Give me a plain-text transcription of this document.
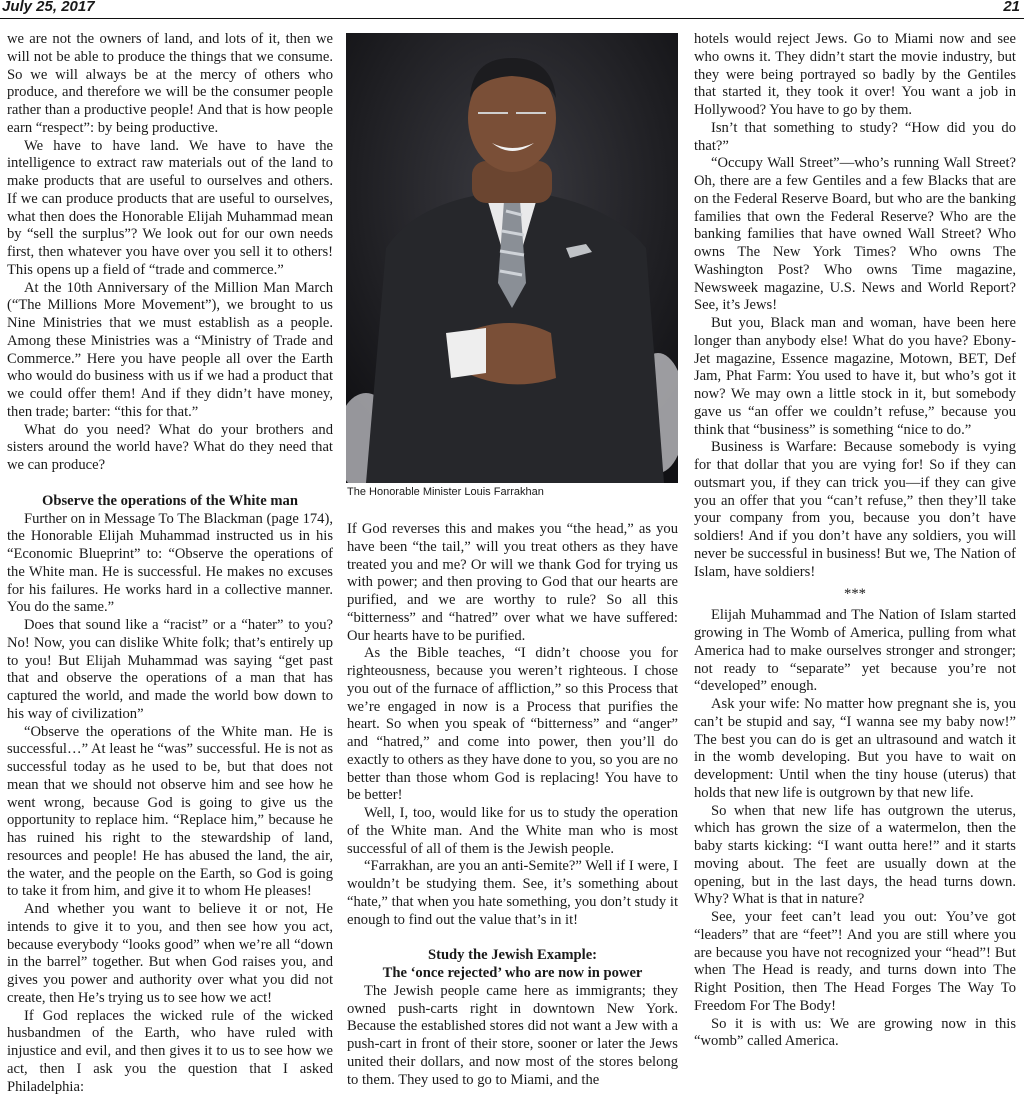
July 25, 2017	21

we are not the owners of land, and lots of it, then we will not be able to produce the things that we consume. So we will always be at the mercy of others who produce, and therefore we will be the consumer people rather than a productive people! And that is how people earn “respect”: by being productive.

We have to have land. We have to have the intelligence to extract raw materials out of the land to make products that are useful to ourselves and others. If we can produce products that are useful to ourselves, what then does the Honorable Elijah Muhammad mean by “sell the surplus”? We look out for our own needs first, then whatever you have over you sell it to others! This opens up a field of “trade and commerce.”

At the 10th Anniversary of the Million Man March (“The Millions More Movement”), we brought to us Nine Ministries that we must establish as a people. Among these Ministries was a “Ministry of Trade and Commerce.” Here you have people all over the Earth who would do business with us if we had a product that we could offer them! And if they didn’t have money, then trade; barter: “this for that.”

What do you need? What do your brothers and sisters around the world have? What do they need that we can produce?

Observe the operations of the White man

Further on in Message To The Blackman (page 174), the Honorable Elijah Muhammad instructed us in his “Economic Blueprint” to: “Observe the operations of the White man. He is successful. He makes no excuses for his failures. He works hard in a collective manner. You do the same.”

Does that sound like a “racist” or a “hater” to you? No! Now, you can dislike White folk; that’s entirely up to you! But Elijah Muhammad was saying “get past that and observe the operations of a man that has captured the world, and made the world bow down to his way of civilization”

“Observe the operations of the White man. He is successful…” At least he “was” successful. He is not as successful today as he used to be, but that does not mean that we should not observe him and see how he went wrong, because God is going to give us the opportunity to replace him. “Replace him,” because he has ruined his right to the stewardship of land, resources and people! He has abused the land, the air, the water, and the people on the Earth, so God is going to take it from him, and give it to whom He pleases!

And whether you want to believe it or not, He intends to give it to you, and then see how you act, because everybody “looks good” when we’re all “down in the barrel” together. But when God raises you, and gives you power and authority over what you did not create, then He’s trying us to see how we act!

If God replaces the wicked rule of the wicked husbandmen of the Earth, who have ruled with injustice and evil, and then gives it to us to see how we act, then I ask you the question that I asked Philadelphia:

The Honorable Minister Louis Farrakhan

If God reverses this and makes you “the head,” as you have been “the tail,” will you treat others as they have treated you and me? Or will we thank God for trying us with power; and then proving to God that our hearts are purified, and we are worthy to rule? So all this “bitterness” and “hatred” over what we have suffered: Our hearts have to be purified.

As the Bible teaches, “I didn’t choose you for righteousness, because you weren’t righteous. I chose you out of the furnace of affliction,” so this Process that we’re engaged in now is a Process that purifies the heart. So when you speak of “bitterness” and “anger” and “hatred,” and come into power, then you’ll do exactly to others as they have done to you, so you are no better than those whom God is replacing! You have to be better!

Well, I, too, would like for us to study the operation of the White man. And the White man who is most successful of all of them is the Jewish people.

“Farrakhan, are you an anti-Semite?” Well if I were, I wouldn’t be studying them. See, it’s something about “hate,” that when you hate something, you don’t study it enough to find out the value that’s in it!

Study the Jewish Example:
The ‘once rejected’ who are now in power

The Jewish people came here as immigrants; they owned push-carts right in downtown New York. Because the established stores did not want a Jew with a push-cart in front of their store, sooner or later the Jews united their dollars, and now most of the stores belong to them. They used to go to Miami, and the

hotels would reject Jews. Go to Miami now and see who owns it. They didn’t start the movie industry, but they were being portrayed so badly by the Gentiles that started it, they took it over! You want a job in Hollywood? You have to go by them.

Isn’t that something to study? “How did you do that?”

“Occupy Wall Street”—who’s running Wall Street? Oh, there are a few Gentiles and a few Blacks that are on the Federal Reserve Board, but who are the banking families that own the Federal Reserve? Who are the banking families that have owned Wall Street? Who owns The New York Times? Who owns The Washington Post? Who owns Time magazine, Newsweek magazine, U.S. News and World Report? See, it’s Jews!

But you, Black man and woman, have been here longer than anybody else! What do you have? Ebony-Jet magazine, Essence magazine, Motown, BET, Def Jam, Phat Farm: You used to have it, but who’s got it now? We may own a little stock in it, but somebody gave us “an offer we couldn’t refuse,” because you think that “business” is something “nice to do.”

Business is Warfare: Because somebody is vying for that dollar that you are vying for! So if they can outsmart you, if they can trick you—if they can give you an offer that you “can’t refuse,” then they’ll take your company from you, because you don’t have soldiers! And if you don’t have any soldiers, you will never be successful in business! But we, The Nation of Islam, have soldiers!

***

Elijah Muhammad and The Nation of Islam started growing in The Womb of America, pulling from what America had to make ourselves stronger and stronger; not ready to “separate” yet because you’re not “developed” enough.

Ask your wife: No matter how pregnant she is, you can’t be stupid and say, “I wanna see my baby now!” The best you can do is get an ultrasound and watch it in the womb developing. But you have to wait on development: Until when the tiny house (uterus) that holds that new life is outgrown by that new life.

So when that new life has outgrown the uterus, which has grown the size of a watermelon, then the baby starts kicking: “I want outta here!” and it starts moving about. The feet are usually down at the opening, but in the last days, the head turns down. Why? What is that in nature?

See, your feet can’t lead you out: You’ve got “leaders” that are “feet”! And you are still where you are because you have not recognized your “head”! But when The Head is ready, and turns down into The Right Position, then The Head Forges The Way To Freedom For The Body!

So it is with us: We are growing now in this “womb” called America.
